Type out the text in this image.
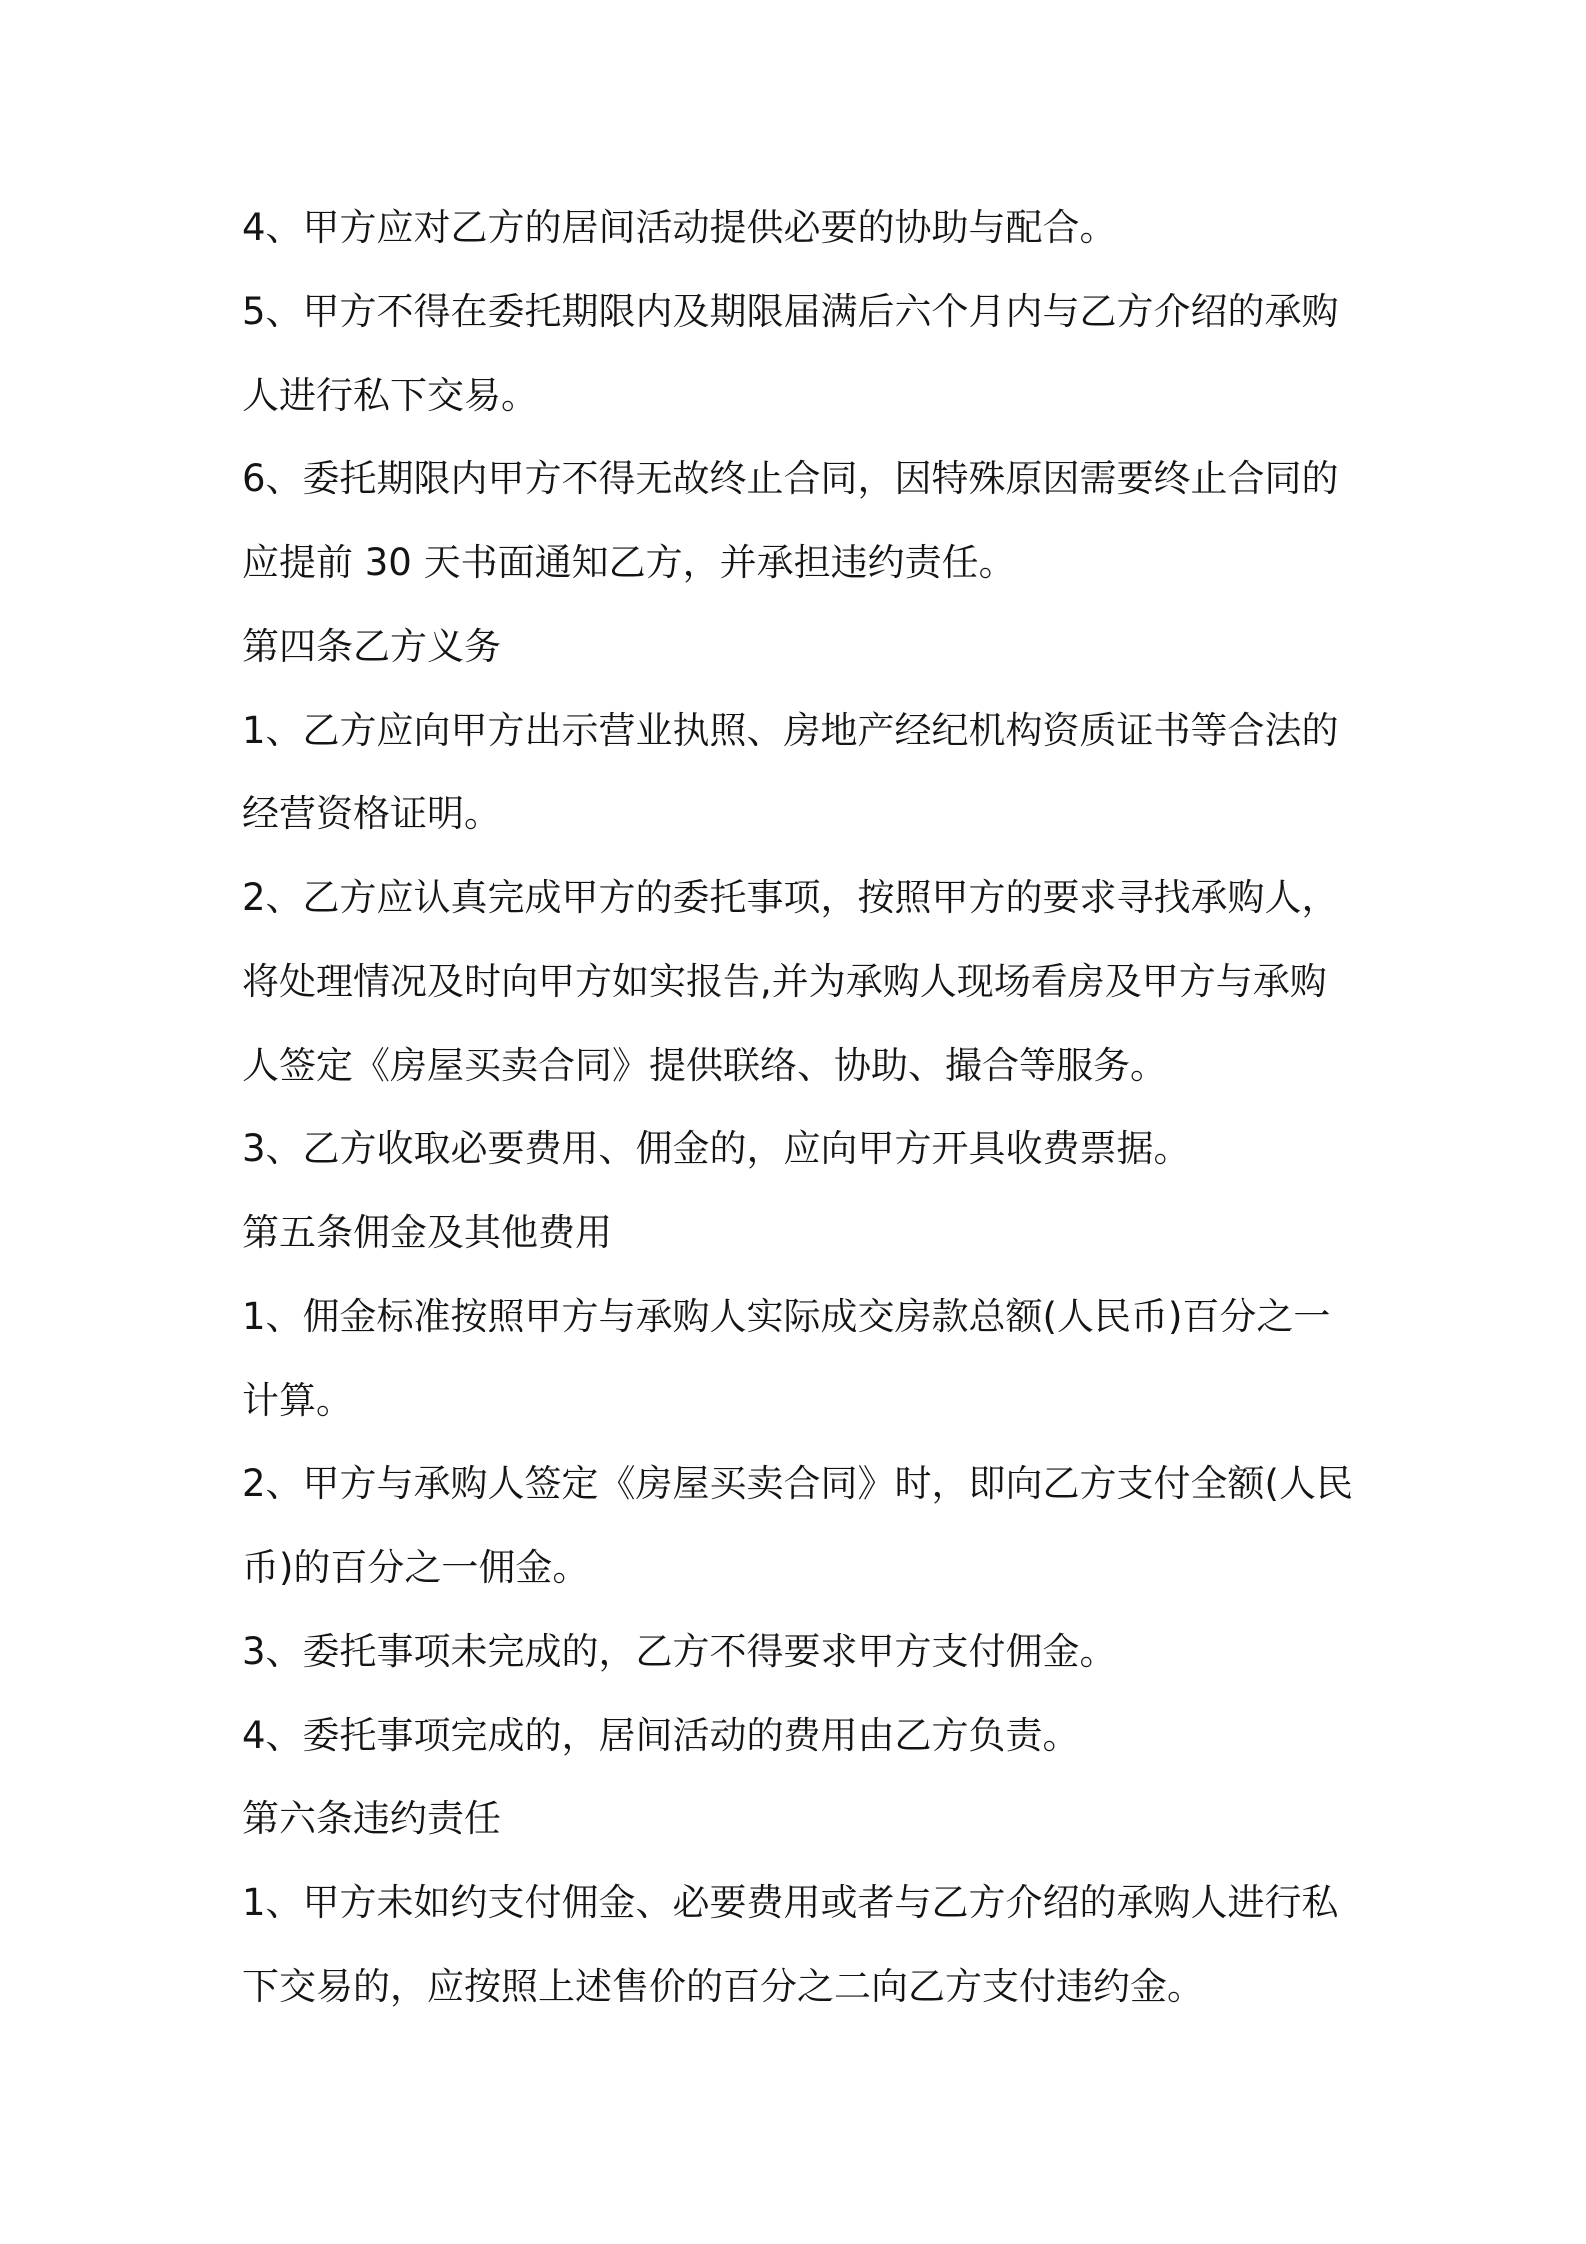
4、甲方应对乙方的居间活动提供必要的协助与配合。
5、甲方不得在委托期限内及期限届满后六个月内与乙方介绍的承购
人进行私下交易。
6、委托期限内甲方不得无故终止合同，因特殊原因需要终止合同的
应提前 30 天书面通知乙方，并承担违约责任。
第四条乙方义务
1、乙方应向甲方出示营业执照、房地产经纪机构资质证书等合法的
经营资格证明。
2、乙方应认真完成甲方的委托事项，按照甲方的要求寻找承购人，
将处理情况及时向甲方如实报告,并为承购人现场看房及甲方与承购
人签定《房屋买卖合同》提供联络、协助、撮合等服务。
3、乙方收取必要费用、佣金的，应向甲方开具收费票据。
第五条佣金及其他费用
1、佣金标准按照甲方与承购人实际成交房款总额(人民币)百分之一
计算。
2、甲方与承购人签定《房屋买卖合同》时，即向乙方支付全额(人民
币)的百分之一佣金。
3、委托事项未完成的，乙方不得要求甲方支付佣金。
4、委托事项完成的，居间活动的费用由乙方负责。
第六条违约责任
1、甲方未如约支付佣金、必要费用或者与乙方介绍的承购人进行私
下交易的，应按照上述售价的百分之二向乙方支付违约金。
